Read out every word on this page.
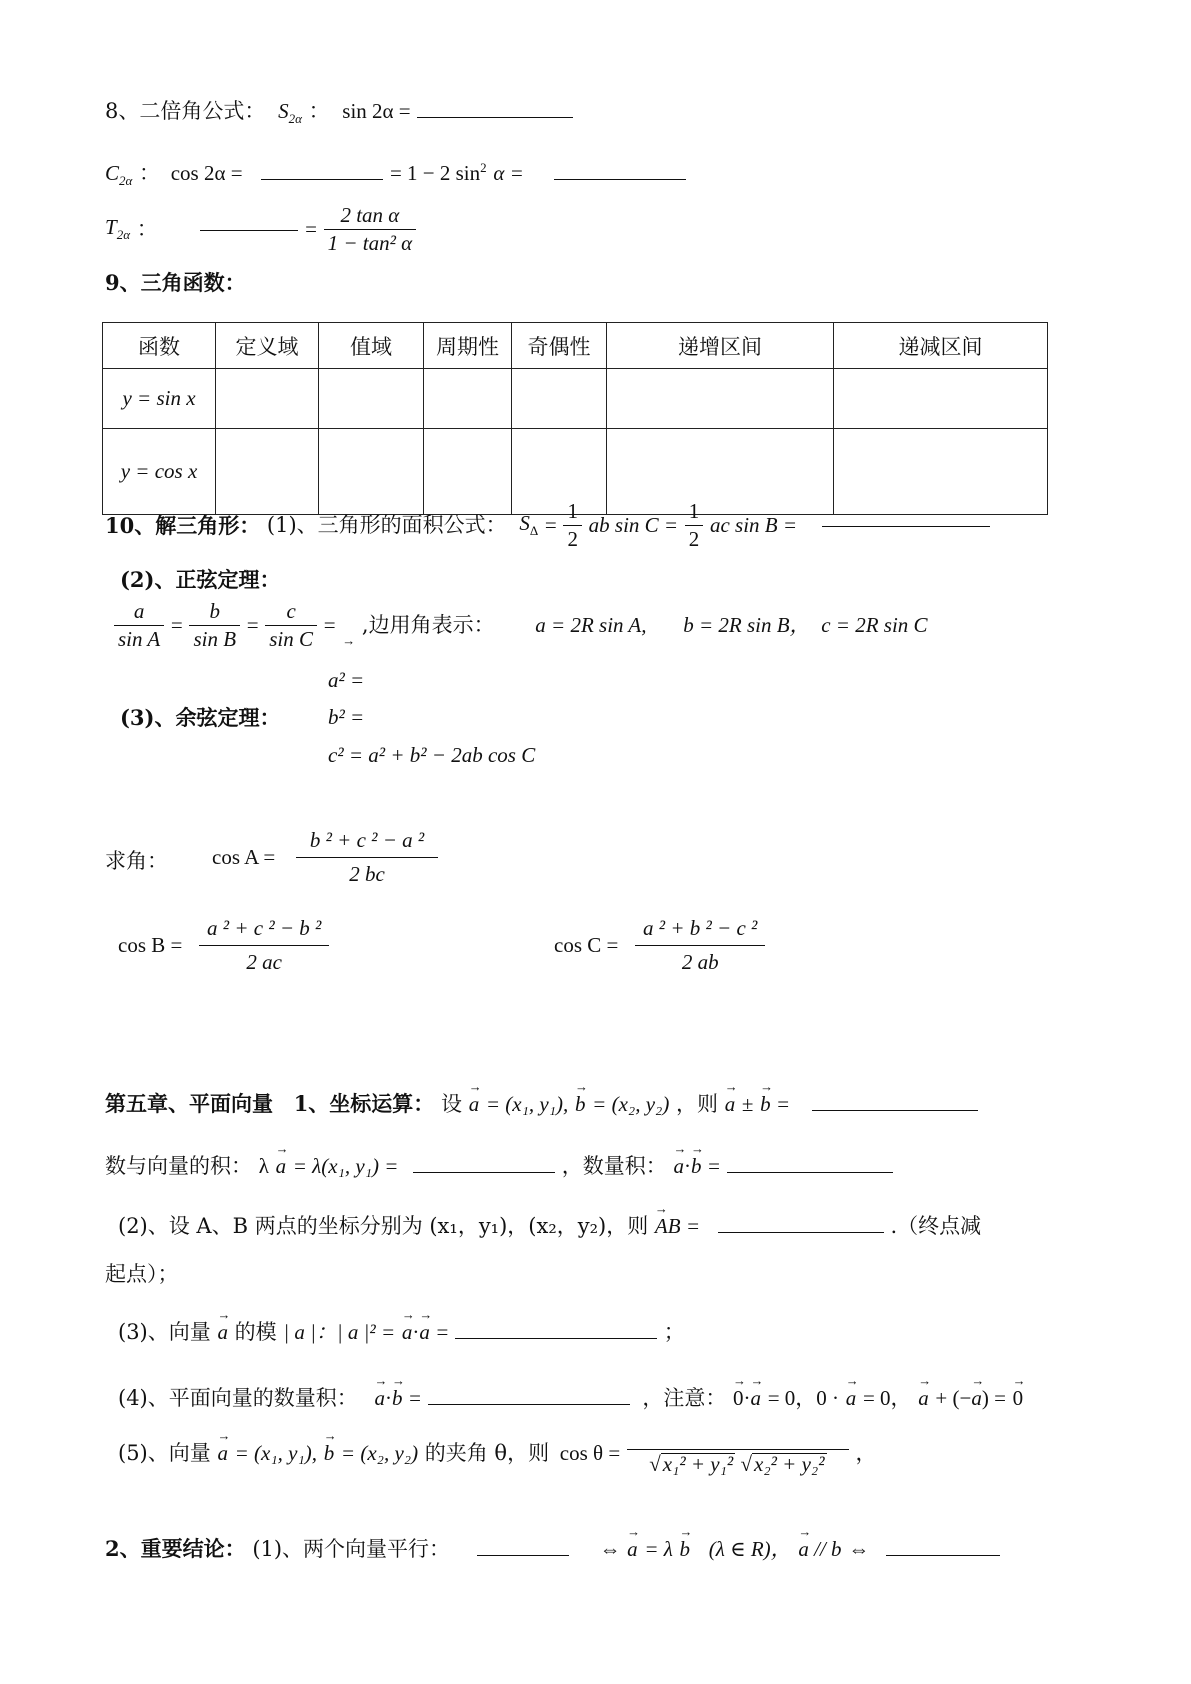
8、二倍角公式： $S_{2\alpha}$ ： sin 2α =
$C_{2\alpha}$ ： cos 2α =	= 1 − 2 $\sin^2 \alpha$ =
$T_{2\alpha}$ ：	= $\frac{\text{2 tan α}}{\text{1 − tan² α}}$
9、三角函数：
函数	定义域	值域	周期性	奇偶性	递增区间	递减区间
y = sin x						
y = cos x						
10、解三角形： (1)、三角形的面积公式： $S_\Delta = \frac{1}{2}$ ab $\sin C = \frac{1}{2}$ ac sin B =
(2)、正弦定理：
$\frac{a}{\text{sin A}} = \frac{b}{\text{sin B}} = \frac{c}{\text{sin C}} = _\to$ ,边用角表示： a = 2R sin A, b = 2R sin B， c = 2R sin C
a² =
(3)、余弦定理： b² =
c² = a² + b² − 2ab cos C
求角： $\cos A = \frac{\text{b ² + c ² − a ²}}{2 bc}$
$\cos B = \frac{\text{a ² + c ² − b ²}}{2 ac}$	$\cos C = \frac{\text{a ² + b ² − c ²}}{2 ab}$
第五章、平面向量 1、坐标运算： 设 → a = (x₁, y₁), → b = (x₂, y₂) ，则 → a ± → b =
数与向量的积： λ → a = λ(x₁, y₁) =	，数量积： → a·→ b =
(2)、设 A、B 两点的坐标分别为 (x₁，y₁)，(x₂，y₂)，则 → AB =	.（终点减
起点）；
(3)、向量 → a 的模 | a |：| a |² = → a·→ a =	；
(4)、平面向量的数量积： → a·→ b =	，注意： → 0·→ a = 0，0 · → a = 0， → a + (−→ a) = → 0
(5)、向量 → a = (x₁, y₁), → b = (x₂, y₂) 的夹角 θ，则 cos θ =	√x₁² + y₁² √x₂² + y₂²	，
2、重要结论： (1)、两个向量平行：	⇔ → a = λ → b (λ ∈ R)， → a // b ⇔
